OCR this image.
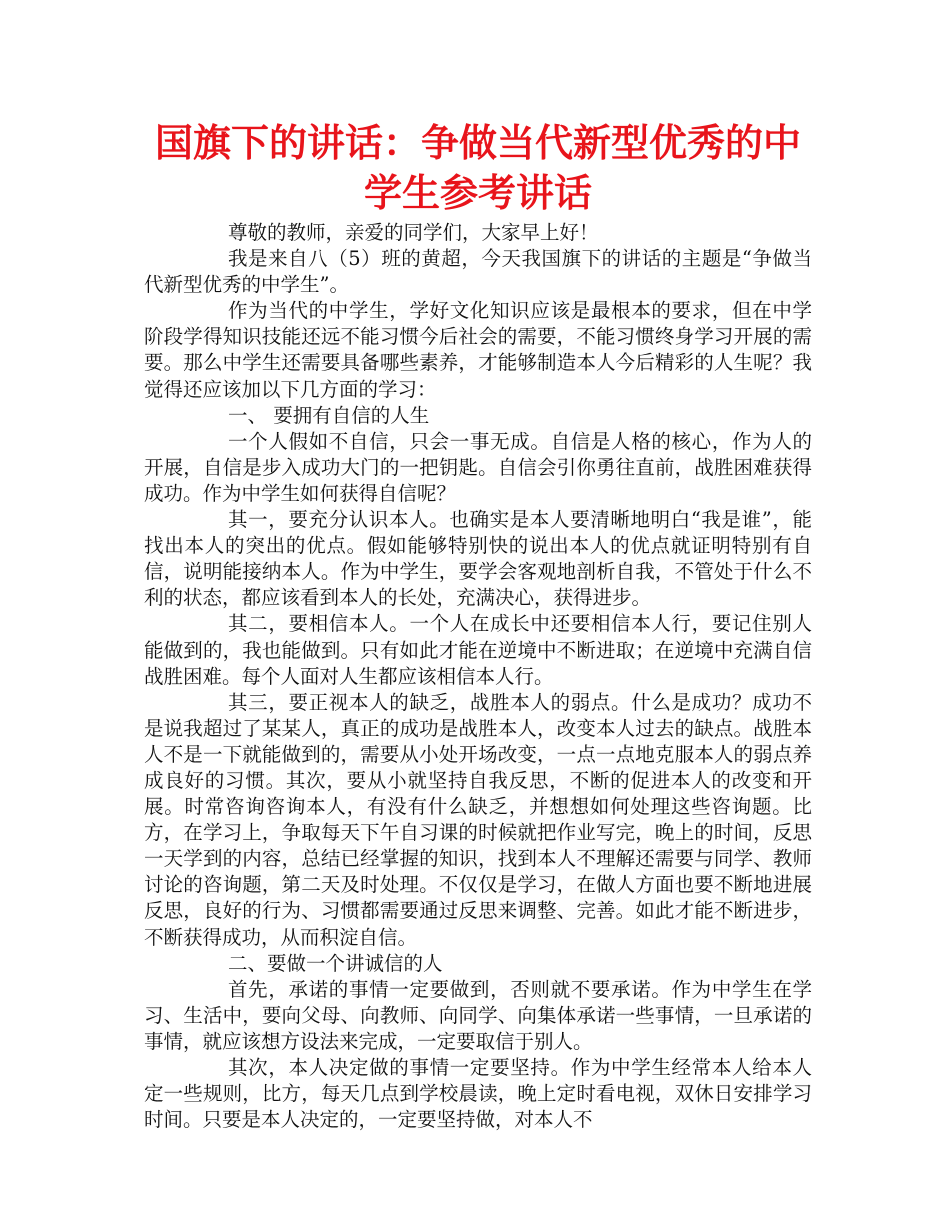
国旗下的讲话：争做当代新型优秀的中学生参考讲话

尊敬的教师，亲爱的同学们，大家早上好！

我是来自八（5）班的黄超，今天我国旗下的讲话的主题是“争做当代新型优秀的中学生”。

作为当代的中学生，学好文化知识应该是最根本的要求，但在中学阶段学得知识技能还远不能习惯今后社会的需要，不能习惯终身学习开展的需要。那么中学生还需要具备哪些素养，才能够制造本人今后精彩的人生呢？我觉得还应该加以下几方面的学习：

一、 要拥有自信的人生

一个人假如不自信，只会一事无成。自信是人格的核心，作为人的开展，自信是步入成功大门的一把钥匙。自信会引你勇往直前，战胜困难获得成功。作为中学生如何获得自信呢？

其一，要充分认识本人。也确实是本人要清晰地明白“我是谁”，能找出本人的突出的优点。假如能够特别快的说出本人的优点就证明特别有自信，说明能接纳本人。作为中学生，要学会客观地剖析自我，不管处于什么不利的状态，都应该看到本人的长处，充满决心，获得进步。

其二，要相信本人。一个人在成长中还要相信本人行，要记住别人能做到的，我也能做到。只有如此才能在逆境中不断进取；在逆境中充满自信战胜困难。每个人面对人生都应该相信本人行。

其三，要正视本人的缺乏，战胜本人的弱点。什么是成功？成功不是说我超过了某某人，真正的成功是战胜本人，改变本人过去的缺点。战胜本人不是一下就能做到的，需要从小处开场改变，一点一点地克服本人的弱点养成良好的习惯。其次，要从小就坚持自我反思，不断的促进本人的改变和开展。时常咨询咨询本人，有没有什么缺乏，并想想如何处理这些咨询题。比方，在学习上，争取每天下午自习课的时候就把作业写完，晚上的时间，反思一天学到的内容，总结已经掌握的知识，找到本人不理解还需要与同学、教师讨论的咨询题，第二天及时处理。不仅仅是学习，在做人方面也要不断地进展反思，良好的行为、习惯都需要通过反思来调整、完善。如此才能不断进步，不断获得成功，从而积淀自信。

二、要做一个讲诚信的人

首先，承诺的事情一定要做到，否则就不要承诺。作为中学生在学习、生活中，要向父母、向教师、向同学、向集体承诺一些事情，一旦承诺的事情，就应该想方设法来完成，一定要取信于别人。

其次，本人决定做的事情一定要坚持。作为中学生经常本人给本人定一些规则，比方，每天几点到学校晨读，晚上定时看电视，双休日安排学习时间。只要是本人决定的，一定要坚持做，对本人不
